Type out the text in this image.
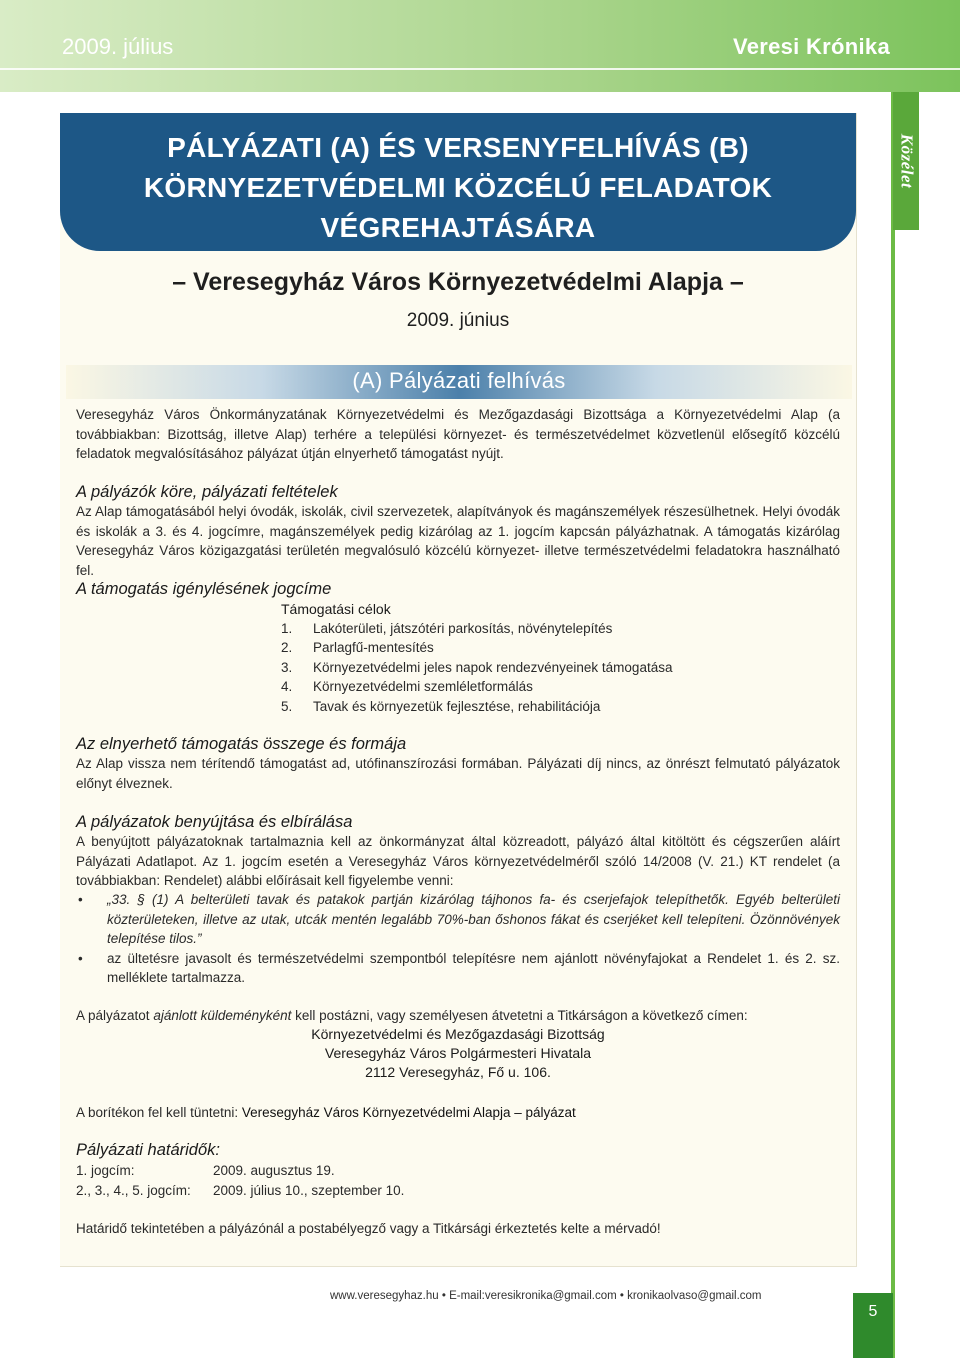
2009. július	Veresi Krónika
Közélet
PÁLYÁZATI (A) ÉS VERSENYFELHÍVÁS (B)
KÖRNYEZETVÉDELMI KÖZCÉLÚ FELADATOK
VÉGREHAJTÁSÁRA
– Veresegyház Város Környezetvédelmi Alapja –
2009. június
(A) Pályázati felhívás
Veresegyház Város Önkormányzatának Környezetvédelmi és Mezőgazdasági Bizottsága a Környezetvédelmi Alap (a továbbiakban: Bizottság, illetve Alap) terhére a települési környezet- és természetvédelmet közvetlenül elősegítő közcélú feladatok megvalósításához pályázat útján elnyerhető támogatást nyújt.
A pályázók köre, pályázati feltételek
Az Alap támogatásából helyi óvodák, iskolák, civil szervezetek, alapítványok és magánszemélyek részesülhetnek. Helyi óvodák és iskolák a 3. és 4. jogcímre, magánszemélyek pedig kizárólag az 1. jogcím kapcsán pályázhatnak. A támogatás kizárólag Veresegyház Város közigazgatási területén megvalósuló közcélú környezet- illetve természetvédelmi feladatokra használható fel.
A támogatás igénylésének jogcíme
Támogatási célok
1. Lakóterületi, játszótéri parkosítás, növénytelepítés
2. Parlagfű-mentesítés
3. Környezetvédelmi jeles napok rendezvényeinek támogatása
4. Környezetvédelmi szemléletformálás
5. Tavak és környezetük fejlesztése, rehabilitációja
Az elnyerhető támogatás összege és formája
Az Alap vissza nem térítendő támogatást ad, utófinanszírozási formában. Pályázati díj nincs, az önrészt felmutató pályázatok előnyt élveznek.
A pályázatok benyújtása és elbírálása
A benyújtott pályázatoknak tartalmaznia kell az önkormányzat által közreadott, pályázó által kitöltött és cégszerűen aláírt Pályázati Adatlapot. Az 1. jogcím esetén a Veresegyház Város környezetvédelméről szóló 14/2008 (V. 21.) KT rendelet (a továbbiakban: Rendelet) alábbi előírásait kell figyelembe venni:
• „33. § (1) A belterületi tavak és patakok partján kizárólag tájhonos fa- és cserjefajok telepíthetők. Egyéb belterületi közterületeken, illetve az utak, utcák mentén legalább 70%-ban őshonos fákat és cserjéket kell telepíteni. Özönnövények telepítése tilos.”
• az ültetésre javasolt és természetvédelmi szempontból telepítésre nem ajánlott növényfajokat a Rendelet 1. és 2. sz. melléklete tartalmazza.
A pályázatot ajánlott küldeményként kell postázni, vagy személyesen átvetetni a Titkárságon a következő címen:
Környezetvédelmi és Mezőgazdasági Bizottság
Veresegyház Város Polgármesteri Hivatala
2112 Veresegyház, Fő u. 106.
A borítékon fel kell tüntetni: Veresegyház Város Környezetvédelmi Alapja – pályázat
Pályázati határidők:
1. jogcím:	2009. augusztus 19.
2., 3., 4., 5. jogcím: 2009. július 10., szeptember 10.
Határidő tekintetében a pályázónál a postabélyegző vagy a Titkársági érkeztetés kelte a mérvadó!
www.veresegyhaz.hu • E-mail:veresikronika@gmail.com • kronikaolvaso@gmail.com
5
